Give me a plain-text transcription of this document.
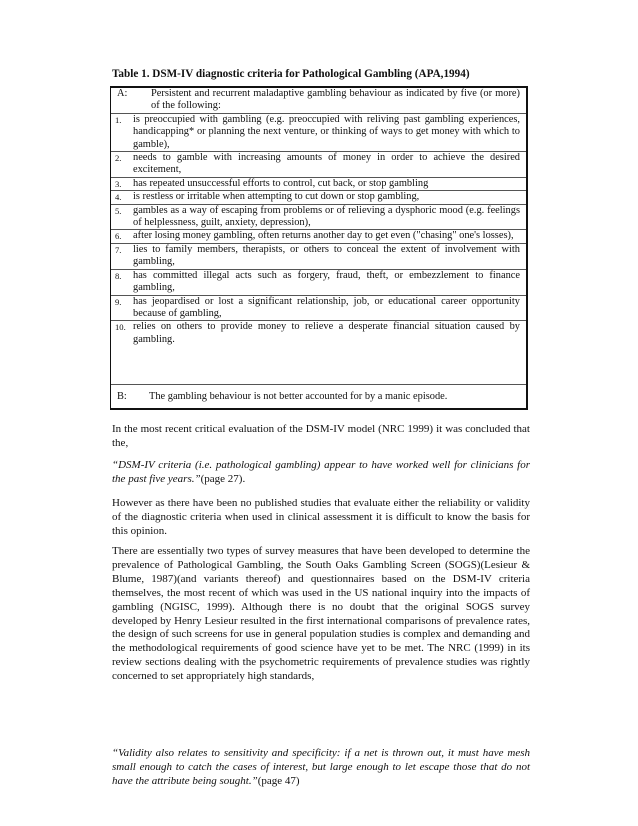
Table 1. DSM-IV diagnostic criteria for Pathological Gambling (APA,1994)
A: Persistent and recurrent maladaptive gambling behaviour as indicated by five (or more) of the following:
1. is preoccupied with gambling (e.g. preoccupied with reliving past gambling experiences, handicapping* or planning the next venture, or thinking of ways to get money with which to gamble),
2. needs to gamble with increasing amounts of money in order to achieve the desired excitement,
3. has repeated unsuccessful efforts to control, cut back, or stop gambling
4. is restless or irritable when attempting to cut down or stop gambling,
5. gambles as a way of escaping from problems or of relieving a dysphoric mood (e.g. feelings of helplessness, guilt, anxiety, depression),
6. after losing money gambling, often returns another day to get even ("chasing" one's losses),
7. lies to family members, therapists, or others to conceal the extent of involvement with gambling,
8. has committed illegal acts such as forgery, fraud, theft, or embezzlement to finance gambling,
9. has jeopardised or lost a significant relationship, job, or educational career opportunity because of gambling,
10. relies on others to provide money to relieve a desperate financial situation caused by gambling.
B: The gambling behaviour is not better accounted for by a manic episode.
In the most recent critical evaluation of the DSM-IV model (NRC 1999) it was concluded that the,
“DSM-IV criteria (i.e. pathological gambling) appear to have worked well for clinicians for the past five years.”(page 27).
However as there have been no published studies that evaluate either the reliability or validity of the diagnostic criteria when used in clinical assessment it is difficult to know the basis for this opinion.
There are essentially two types of survey measures that have been developed to determine the prevalence of Pathological Gambling, the South Oaks Gambling Screen (SOGS)(Lesieur & Blume, 1987)(and variants thereof) and questionnaires based on the DSM-IV criteria themselves, the most recent of which was used in the US national inquiry into the impacts of gambling (NGISC, 1999). Although there is no doubt that the original SOGS survey developed by Henry Lesieur resulted in the first international comparisons of prevalence rates, the design of such screens for use in general population studies is complex and demanding and the methodological requirements of good science have yet to be met. The NRC (1999) in its review sections dealing with the psychometric requirements of prevalence studies was rightly concerned to set appropriately high standards,
“Validity also relates to sensitivity and specificity: if a net is thrown out, it must have mesh small enough to catch the cases of interest, but large enough to let escape those that do not have the attribute being sought.”(page 47)
